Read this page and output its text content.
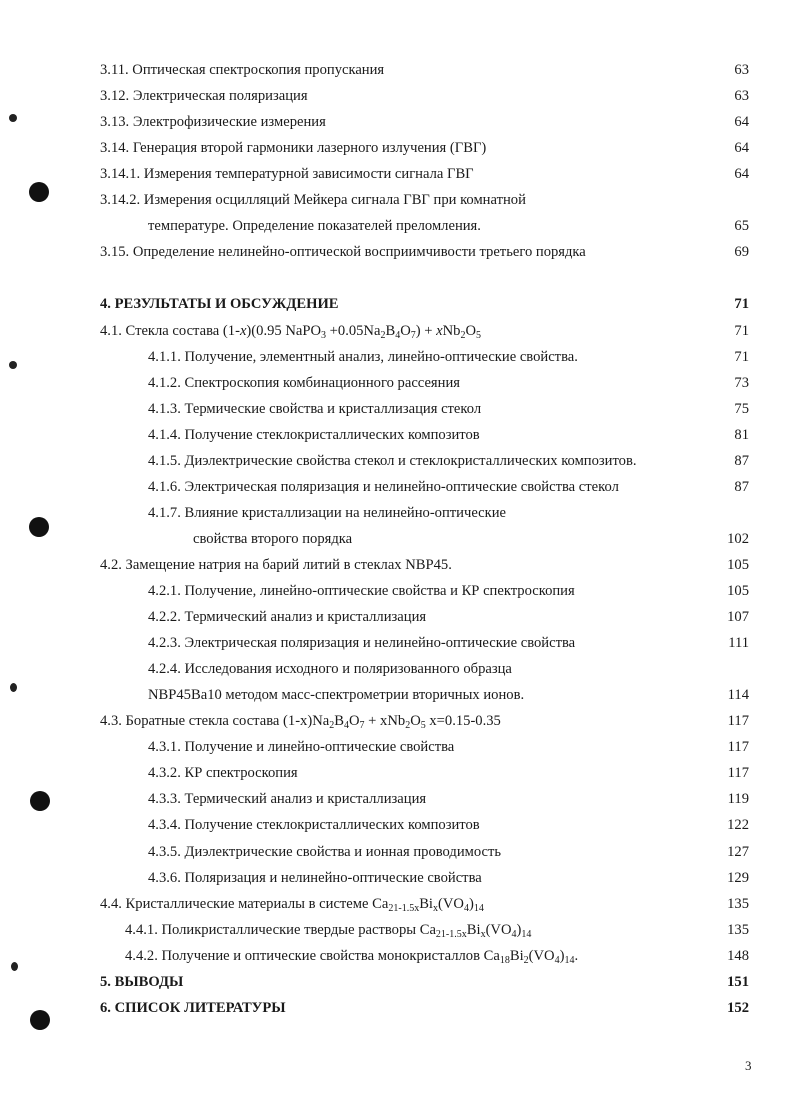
3.11. Оптическая спектроскопия пропускания	63
3.12. Электрическая поляризация	63
3.13. Электрофизические измерения	64
3.14. Генерация второй гармоники лазерного излучения (ГВГ)	64
3.14.1. Измерения температурной зависимости сигнала ГВГ	64
3.14.2. Измерения осцилляций Мейкера сигнала ГВГ при комнатной
температуре. Определение показателей преломления.	65
3.15. Определение нелинейно-оптической восприимчивости третьего порядка	69
4. РЕЗУЛЬТАТЫ И ОБСУЖДЕНИЕ	71
4.1. Стекла состава (1-x)(0.95 NaPO$_3$ $+0.05Na_2B_4O_7) + xNb_2O_5$	71
4.1.1. Получение, элементный анализ, линейно-оптические свойства.	71
4.1.2. Спектроскопия комбинационного рассеяния	73
4.1.3. Термические свойства и кристаллизация стекол	75
4.1.4. Получение стеклокристаллических композитов	81
4.1.5. Диэлектрические свойства стекол и стеклокристаллических композитов.	87
4.1.6. Электрическая поляризация и нелинейно-оптические свойства стекол	87
4.1.7. Влияние кристаллизации на нелинейно-оптические
свойства второго порядка	102
4.2. Замещение натрия на барий литий в стеклах NBP45.	105
4.2.1. Получение, линейно-оптические свойства и КР спектроскопия	105
4.2.2. Термический анализ и кристаллизация	107
4.2.3. Электрическая поляризация и нелинейно-оптические свойства	111
4.2.4. Исследования исходного и поляризованного образца
NBP45Ba10 методом масс-спектрометрии вторичных ионов.	114
4.3. Боратные стекла состава $(1-x)Na_2B_4O_7 + xNb_2O_5$ x=0.15-0.35	117
4.3.1. Получение и линейно-оптические свойства	117
4.3.2. КР спектроскопия	117
4.3.3. Термический анализ и кристаллизация	119
4.3.4. Получение стеклокристаллических композитов	122
4.3.5. Диэлектрические свойства и ионная проводимость	127
4.3.6. Поляризация и нелинейно-оптические свойства	129
4.4. Кристаллические материалы в системе $Ca_{21-1.5x}Bi_x(VO_4)_{14}$	135
4.4.1. Поликристаллические твердые растворы $Ca_{21-1.5x}Bi_x(VO_4)_{14}$	135
4.4.2. Получение и оптические свойства монокристаллов $Ca_{18}Bi_2(VO_4)_{14}$.	148
5. ВЫВОДЫ	151
6. СПИСОК ЛИТЕРАТУРЫ	152
3
